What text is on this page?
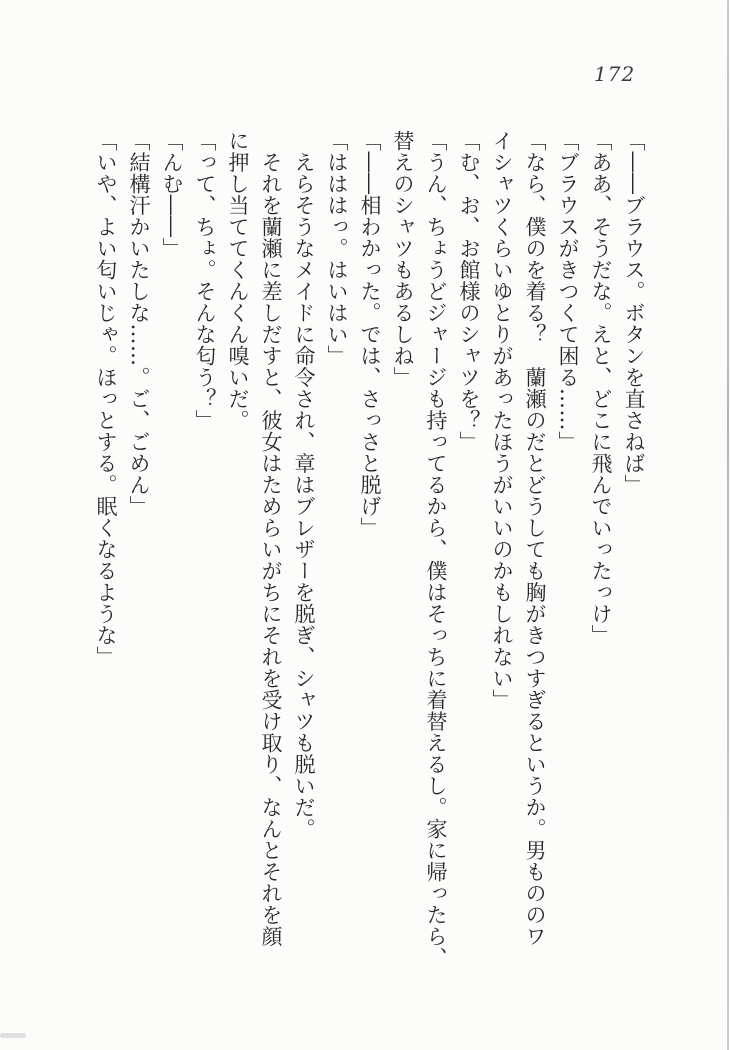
172

「――ブラウス。ボタンを直さねば」

「ああ、そうだな。えと、どこに飛んでいったっけ」

「ブラウスがきつくて困る……」

「なら、僕のを着る？　蘭瀬のだとどうしても胸がきつすぎるというか。男もののワ

イシャツくらいゆとりがあったほうがいいのかもしれない」

「む、お、お館様のシャツを？」

「うん、ちょうどジャージも持ってるから、僕はそっちに着替えるし。家に帰ったら、

替えのシャツもあるしね」

「――相わかった。では、さっさと脱げ」

「はははっ。はいはい」

　えらそうなメイドに命令され、章はブレザーを脱ぎ、シャツも脱いだ。

　それを蘭瀬に差しだすと、彼女はためらいがちにそれを受け取り、なんとそれを顔

に押し当ててくんくん嗅いだ。

「って、ちょ。そんな匂う？」

「んむ――」

「結構汗かいたしな……。ご、ごめん」

「いや、よい匂いじゃ。ほっとする。眠くなるような」
